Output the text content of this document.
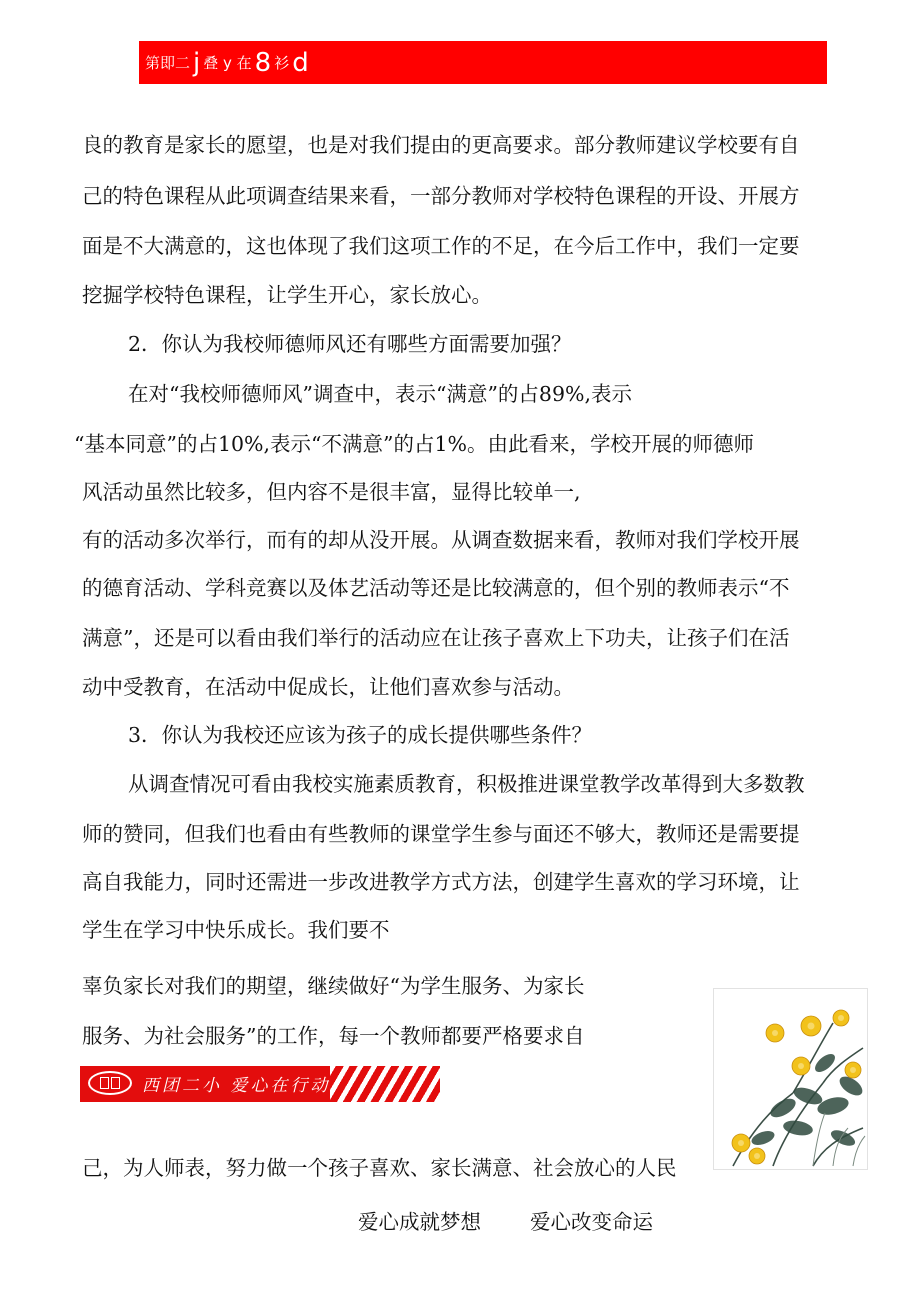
第即二 j 叠 y 在 8 衫 d
良的教育是家长的愿望，也是对我们提由的更高要求。部分教师建议学校要有自
己的特色课程从此项调查结果来看，一部分教师对学校特色课程的开设、开展方
面是不大满意的，这也体现了我们这项工作的不足，在今后工作中，我们一定要
挖掘学校特色课程，让学生开心，家长放心。
2．你认为我校师德师风还有哪些方面需要加强？
在对“我校师德师风”调查中，表示“满意”的占89%,表示
“基本同意”的占10%,表示“不满意”的占1%。由此看来，学校开展的师德师
风活动虽然比较多，但内容不是很丰富，显得比较单一,
有的活动多次举行，而有的却从没开展。从调查数据来看，教师对我们学校开展
的德育活动、学科竞赛以及体艺活动等还是比较满意的，但个别的教师表示“不
满意”，还是可以看由我们举行的活动应在让孩子喜欢上下功夫，让孩子们在活
动中受教育，在活动中促成长，让他们喜欢参与活动。
3．你认为我校还应该为孩子的成长提供哪些条件？
从调查情况可看由我校实施素质教育，积极推进课堂教学改革得到大多数教
师的赞同，但我们也看由有些教师的课堂学生参与面还不够大，教师还是需要提
高自我能力，同时还需进一步改进教学方式方法，创建学生喜欢的学习环境，让
学生在学习中快乐成长。我们要不
辜负家长对我们的期望，继续做好“为学生服务、为家长
服务、为社会服务”的工作，每一个教师都要严格要求自
西团二小 爱心在行动
己，为人师表，努力做一个孩子喜欢、家长满意、社会放心的人民
爱心成就梦想 爱心改变命运
